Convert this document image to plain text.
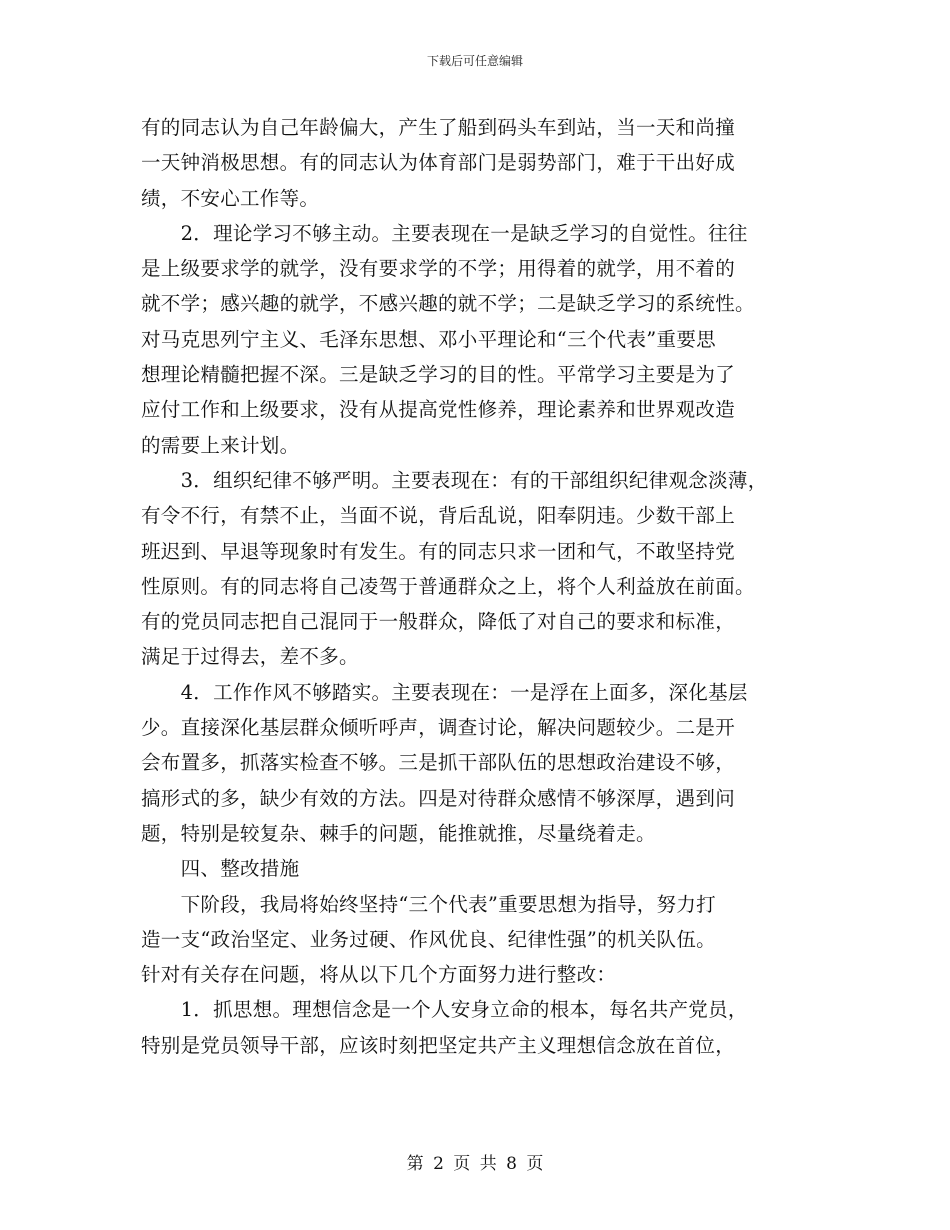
下载后可任意编辑
有的同志认为自己年龄偏大，产生了船到码头车到站，当一天和尚撞
一天钟消极思想。有的同志认为体育部门是弱势部门，难于干出好成
绩，不安心工作等。
　　2．理论学习不够主动。主要表现在一是缺乏学习的自觉性。往往
是上级要求学的就学，没有要求学的不学；用得着的就学，用不着的
就不学；感兴趣的就学，不感兴趣的就不学；二是缺乏学习的系统性。
对马克思列宁主义、毛泽东思想、邓小平理论和“三个代表”重要思
想理论精髓把握不深。三是缺乏学习的目的性。平常学习主要是为了
应付工作和上级要求，没有从提高党性修养，理论素养和世界观改造
的需要上来计划。
　　3．组织纪律不够严明。主要表现在：有的干部组织纪律观念淡薄，
有令不行，有禁不止，当面不说，背后乱说，阳奉阴违。少数干部上
班迟到、早退等现象时有发生。有的同志只求一团和气，不敢坚持党
性原则。有的同志将自己凌驾于普通群众之上，将个人利益放在前面。
有的党员同志把自己混同于一般群众，降低了对自己的要求和标准，
满足于过得去，差不多。
　　4．工作作风不够踏实。主要表现在：一是浮在上面多，深化基层
少。直接深化基层群众倾听呼声，调查讨论，解决问题较少。二是开
会布置多，抓落实检查不够。三是抓干部队伍的思想政治建设不够，
搞形式的多，缺少有效的方法。四是对待群众感情不够深厚，遇到问
题，特别是较复杂、棘手的问题，能推就推，尽量绕着走。
　　四、整改措施
　　下阶段，我局将始终坚持“三个代表”重要思想为指导，努力打
造一支“政治坚定、业务过硬、作风优良、纪律性强”的机关队伍。
针对有关存在问题，将从以下几个方面努力进行整改：
　　1．抓思想。理想信念是一个人安身立命的根本，每名共产党员，
特别是党员领导干部，应该时刻把坚定共产主义理想信念放在首位，
第 2 页 共 8 页
